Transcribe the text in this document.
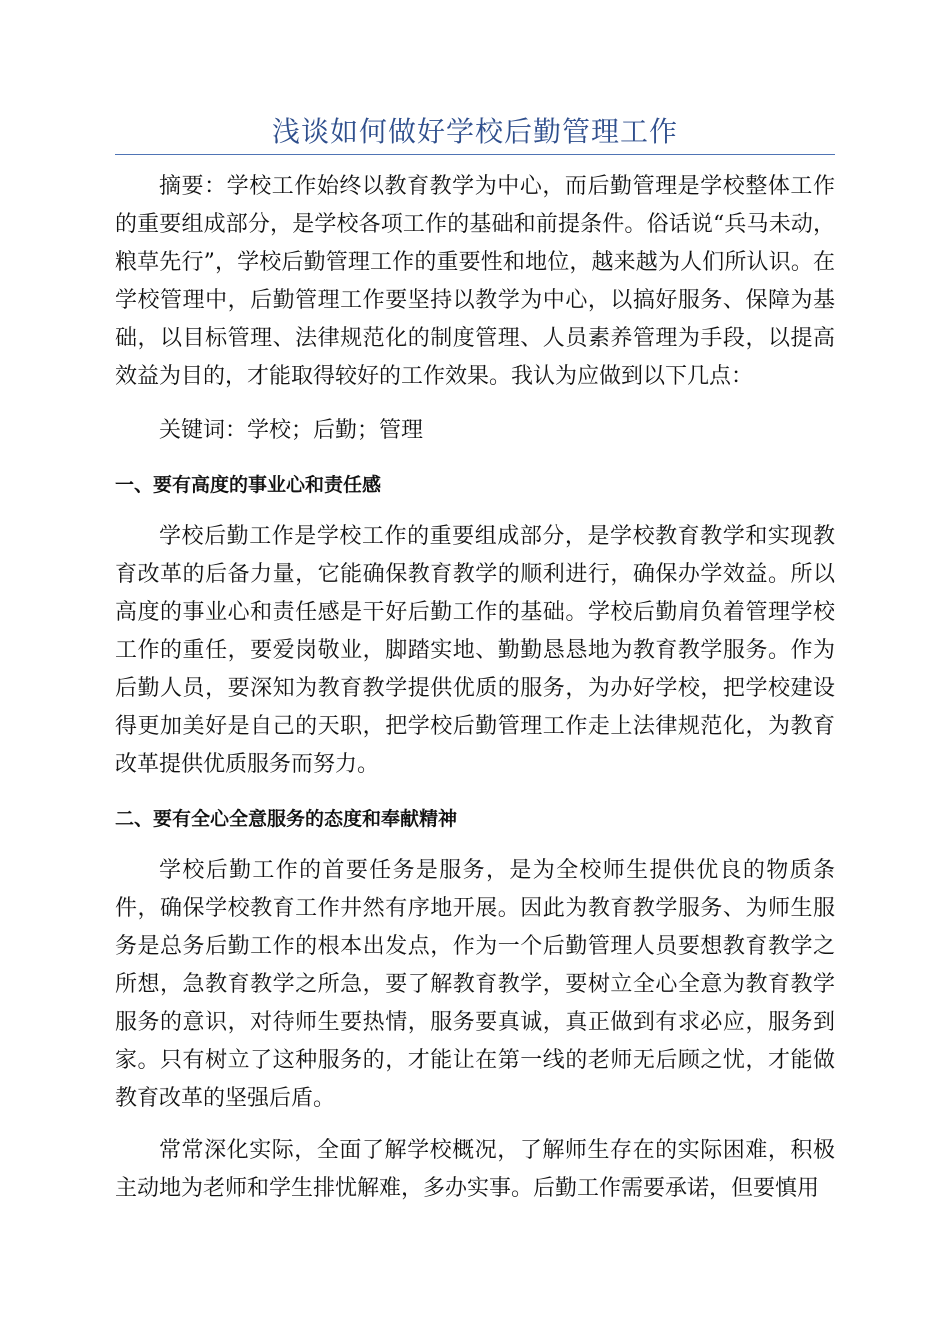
浅谈如何做好学校后勤管理工作

摘要：学校工作始终以教育教学为中心，而后勤管理是学校整体工作的重要组成部分，是学校各项工作的基础和前提条件。俗话说“兵马未动，粮草先行”，学校后勤管理工作的重要性和地位，越来越为人们所认识。在学校管理中，后勤管理工作要坚持以教学为中心，以搞好服务、保障为基础，以目标管理、法律规范化的制度管理、人员素养管理为手段，以提高效益为目的，才能取得较好的工作效果。我认为应做到以下几点：

关键词：学校；后勤；管理

一、要有高度的事业心和责任感

学校后勤工作是学校工作的重要组成部分，是学校教育教学和实现教育改革的后备力量，它能确保教育教学的顺利进行，确保办学效益。所以高度的事业心和责任感是干好后勤工作的基础。学校后勤肩负着管理学校工作的重任，要爱岗敬业，脚踏实地、勤勤恳恳地为教育教学服务。作为后勤人员，要深知为教育教学提供优质的服务，为办好学校，把学校建设得更加美好是自己的天职，把学校后勤管理工作走上法律规范化，为教育改革提供优质服务而努力。

二、要有全心全意服务的态度和奉献精神

学校后勤工作的首要任务是服务，是为全校师生提供优良的物质条件，确保学校教育工作井然有序地开展。因此为教育教学服务、为师生服务是总务后勤工作的根本出发点，作为一个后勤管理人员要想教育教学之所想，急教育教学之所急，要了解教育教学，要树立全心全意为教育教学服务的意识，对待师生要热情，服务要真诚，真正做到有求必应，服务到家。只有树立了这种服务的，才能让在第一线的老师无后顾之忧，才能做教育改革的坚强后盾。

常常深化实际，全面了解学校概况，了解师生存在的实际困难，积极主动地为老师和学生排忧解难，多办实事。后勤工作需要承诺，但要慎用
